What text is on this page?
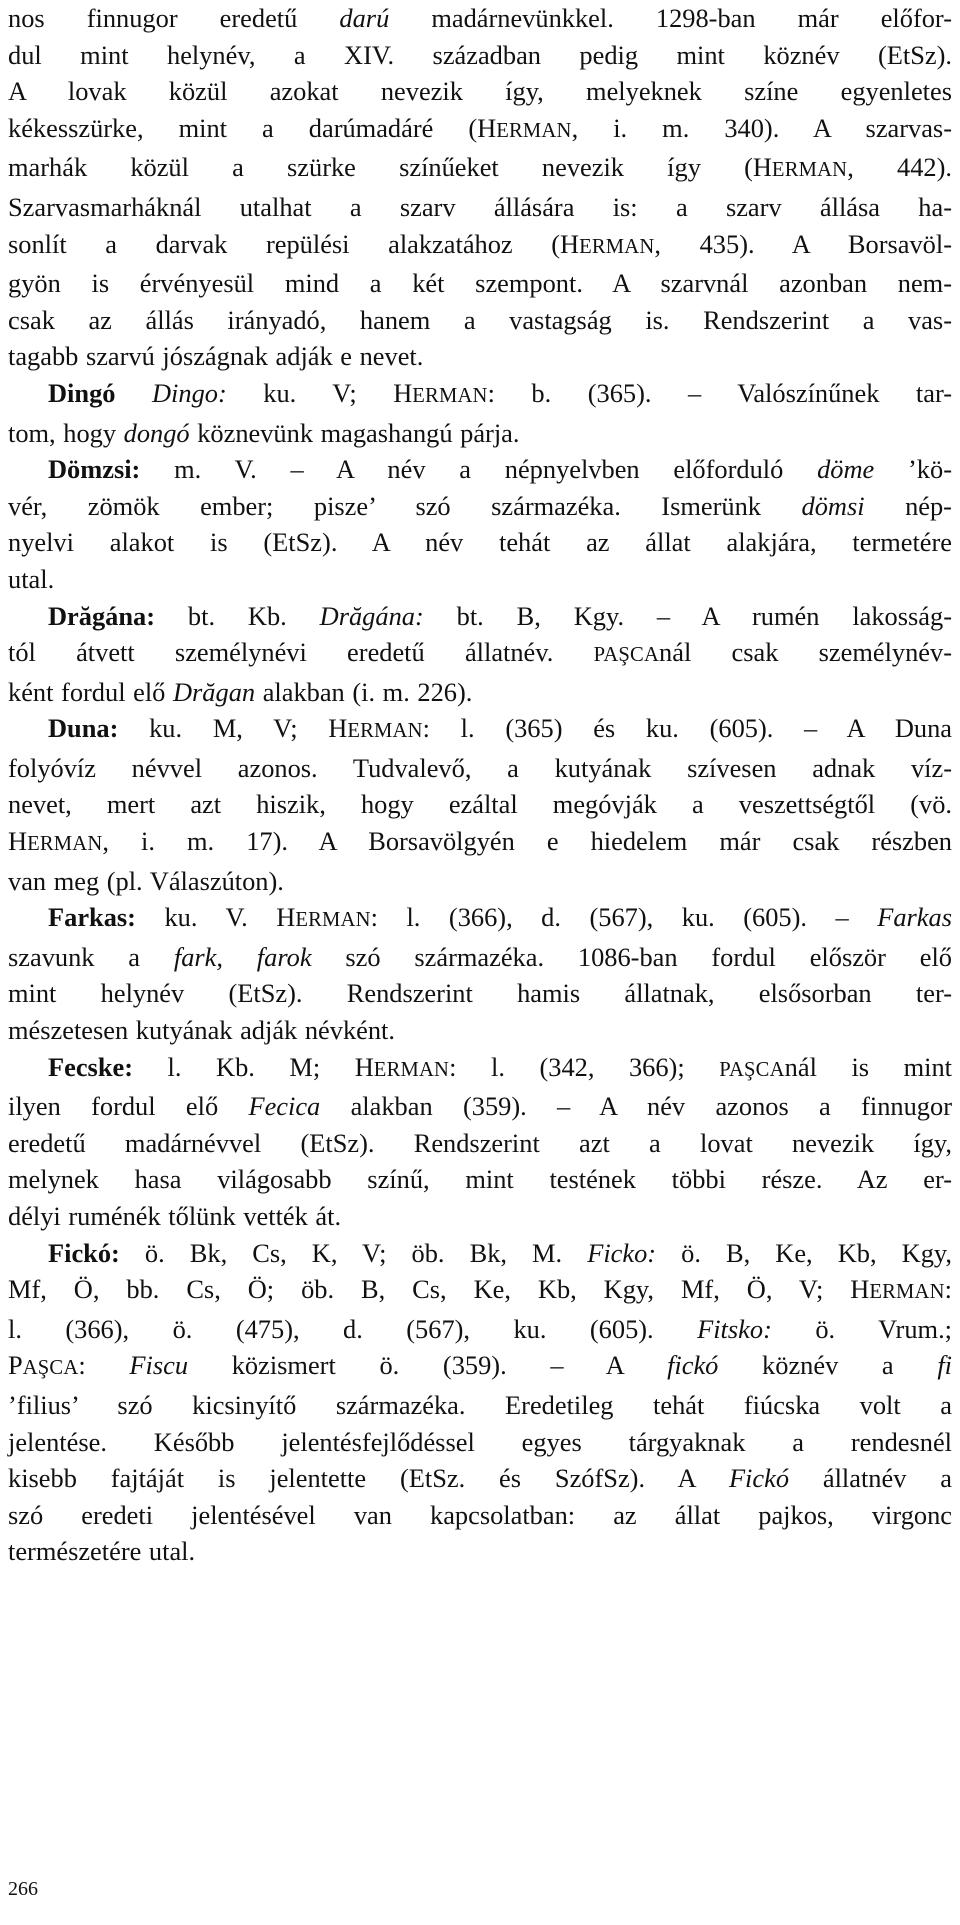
nos finnugor eredetű darú madárnevünkkel. 1298-ban már előfor-

dul mint helynév, a XIV. században pedig mint köznév (EtSz).

A lovak közül azokat nevezik így, melyeknek színe egyenletes

kékesszürke, mint a darúmadáré (HERMAN, i. m. 340). A szarvas-

marhák közül a szürke színűeket nevezik így (HERMAN, 442).

Szarvasmarháknál utalhat a szarv állására is: a szarv állása ha-

sonlít a darvak repülési alakzatához (HERMAN, 435). A Borsavöl-

gyön is érvényesül mind a két szempont. A szarvnál azonban nem-

csak az állás irányadó, hanem a vastagság is. Rendszerint a vas-

tagabb szarvú jószágnak adják e nevet.

Dingó Dingo: ku. V; HERMAN: b. (365). – Valószínűnek tar-

tom, hogy dongó köznevünk magashangú párja.

Dömzsi: m. V. – A név a népnyelvben előforduló döme ’kö-

vér, zömök ember; pisze’ szó származéka. Ismerünk dömsi nép-

nyelvi alakot is (EtSz). A név tehát az állat alakjára, termetére

utal.

Drăgána: bt. Kb. Drăgána: bt. B, Kgy. – A rumén lakosság-

tól átvett személynévi eredetű állatnév. PAŞCAnál csak személynév-

ként fordul elő Drăgan alakban (i. m. 226).

Duna: ku. M, V; HERMAN: l. (365) és ku. (605). – A Duna

folyóvíz névvel azonos. Tudvalevő, a kutyának szívesen adnak víz-

nevet, mert azt hiszik, hogy ezáltal megóvják a veszettségtől (vö.

HERMAN, i. m. 17). A Borsavölgyén e hiedelem már csak részben

van meg (pl. Válaszúton).

Farkas: ku. V. HERMAN: l. (366), d. (567), ku. (605). – Farkas

szavunk a fark, farok szó származéka. 1086-ban fordul először elő

mint helynév (EtSz). Rendszerint hamis állatnak, elsősorban ter-

mészetesen kutyának adják névként.

Fecske: l. Kb. M; HERMAN: l. (342, 366); PAŞCAnál is mint

ilyen fordul elő Fecica alakban (359). – A név azonos a finnugor

eredetű madárnévvel (EtSz). Rendszerint azt a lovat nevezik így,

melynek hasa világosabb színű, mint testének többi része. Az er-

délyi ruménék tőlünk vették át.

Fickó: ö. Bk, Cs, K, V; öb. Bk, M. Ficko: ö. B, Ke, Kb, Kgy,

Mf, Ö, bb. Cs, Ö; öb. B, Cs, Ke, Kb, Kgy, Mf, Ö, V; HERMAN:

l. (366), ö. (475), d. (567), ku. (605). Fitsko: ö. Vrum.;

PAŞCA: Fiscu közismert ö. (359). – A fickó köznév a fi

’filius’ szó kicsinyítő származéka. Eredetileg tehát fiúcska volt a

jelentése. Később jelentésfejlődéssel egyes tárgyaknak a rendesnél

kisebb fajtáját is jelentette (EtSz. és SzófSz). A Fickó állatnév a

szó eredeti jelentésével van kapcsolatban: az állat pajkos, virgonc

természetére utal.

266
